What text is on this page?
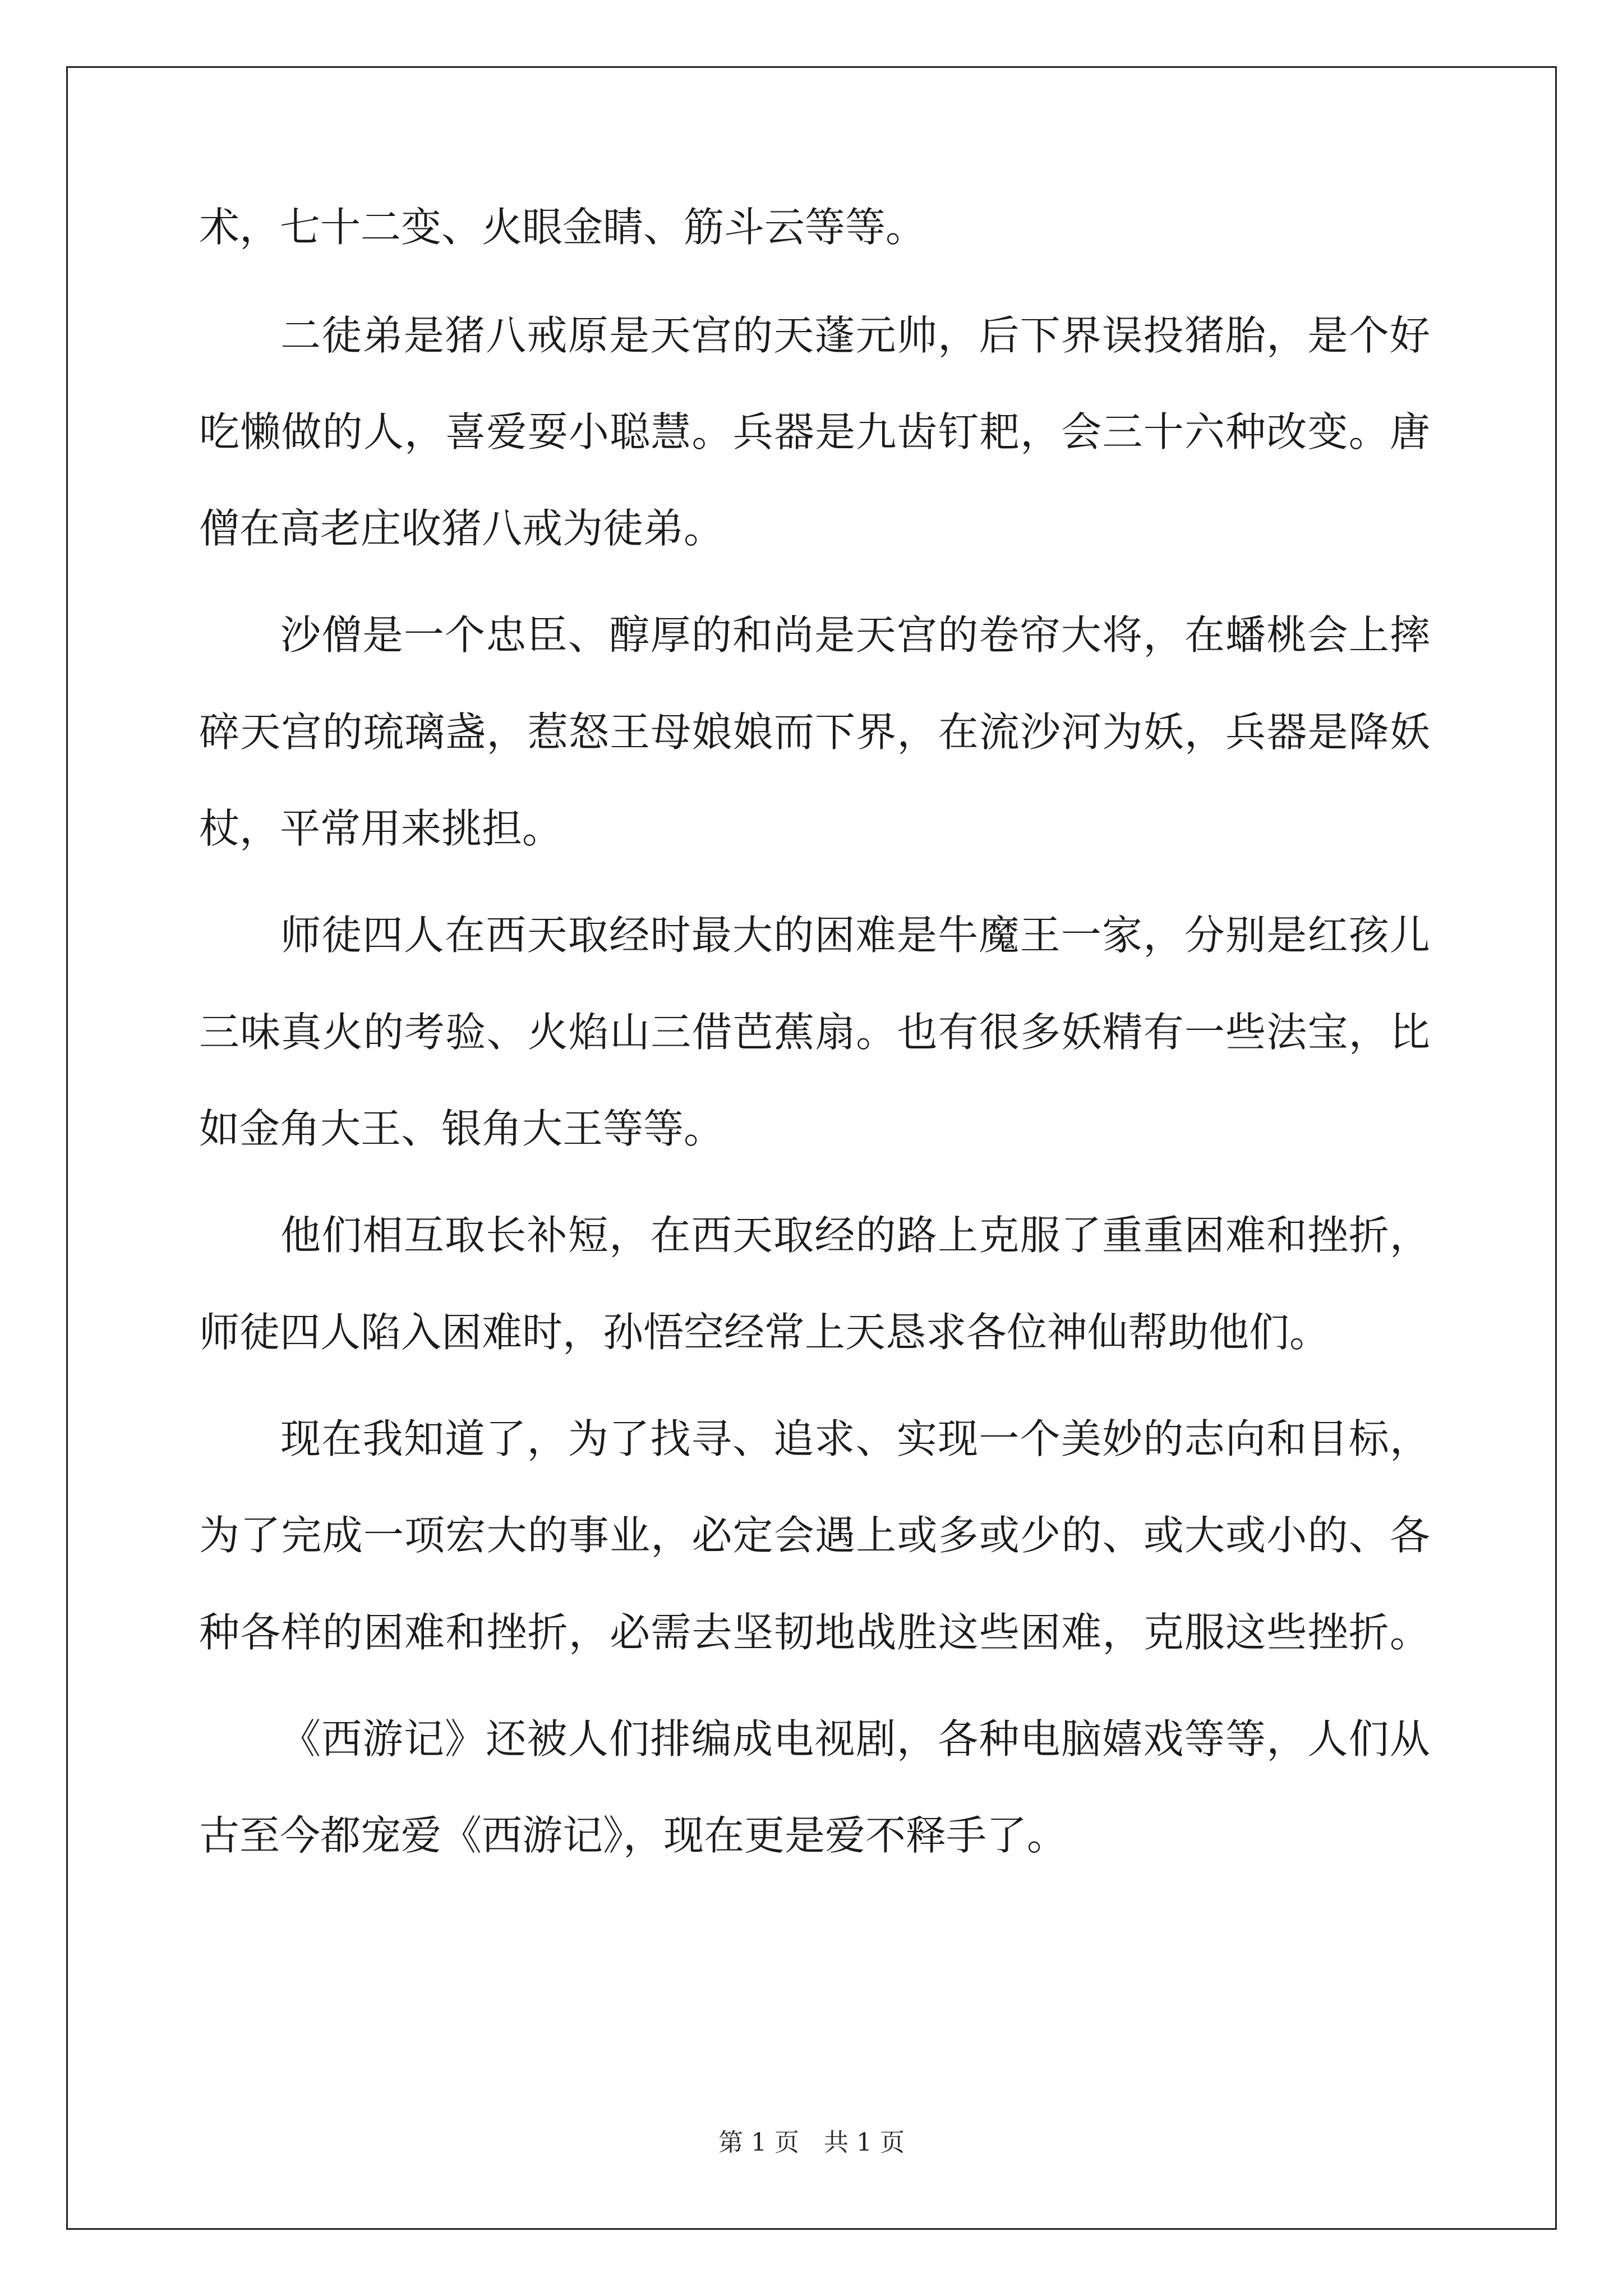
术，七十二变、火眼金睛、筋斗云等等。
二徒弟是猪八戒原是天宫的天蓬元帅，后下界误投猪胎，是个好
吃懒做的人，喜爱耍小聪慧。兵器是九齿钉耙，会三十六种改变。唐
僧在高老庄收猪八戒为徒弟。
沙僧是一个忠臣、醇厚的和尚是天宫的卷帘大将，在蟠桃会上摔
碎天宫的琉璃盏，惹怒王母娘娘而下界，在流沙河为妖，兵器是降妖
杖，平常用来挑担。
师徒四人在西天取经时最大的困难是牛魔王一家，分别是红孩儿
三味真火的考验、火焰山三借芭蕉扇。也有很多妖精有一些法宝，比
如金角大王、银角大王等等。
他们相互取长补短，在西天取经的路上克服了重重困难和挫折，
师徒四人陷入困难时，孙悟空经常上天恳求各位神仙帮助他们。
现在我知道了，为了找寻、追求、实现一个美妙的志向和目标，
为了完成一项宏大的事业，必定会遇上或多或少的、或大或小的、各
种各样的困难和挫折，必需去坚韧地战胜这些困难，克服这些挫折。
《西游记》还被人们排编成电视剧，各种电脑嬉戏等等，人们从
古至今都宠爱《西游记》，现在更是爱不释手了。
第 1 页　共 1 页
